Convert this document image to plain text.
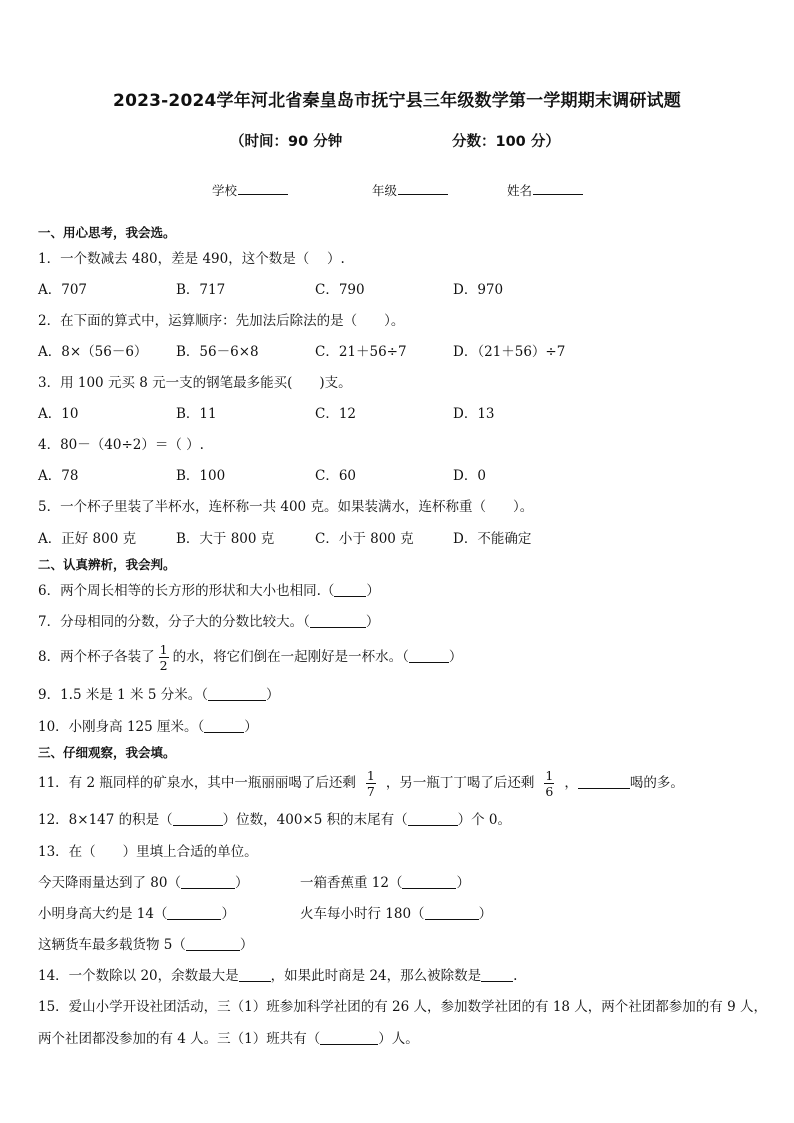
2023-2024学年河北省秦皇岛市抚宁县三年级数学第一学期期末调研试题
（时间：90 分钟	分数：100 分）
学校	年级	姓名
一、用心思考，我会选。
1．一个数减去 480，差是 490，这个数是（　 ）.
A．707	B．717	C．790	D．970
2．在下面的算式中，运算顺序：先加法后除法的是（　　）。
A．8×（56－6） B．56－6×8	C．21＋56÷7	D．（21＋56）÷7
3．用 100 元买 8 元一支的钢笔最多能买(　　)支。
A．10	B．11	C．12	D．13
4．80－（40÷2）＝（ ）.
A．78	B．100	C．60	D．0
5．一个杯子里装了半杯水，连杯称一共 400 克。如果装满水，连杯称重（　　）。
A．正好 800 克	B．大于 800 克	C．小于 800 克	D．不能确定
二、认真辨析，我会判。
6．两个周长相等的长方形的形状和大小也相同.（ ）
7．分母相同的分数，分子大的分数比较大。（	）
8．两个杯子各装了 $\frac{1}{2}$ 的水，将它们倒在一起刚好是一杯水。（	）
9．1.5 米是 1 米 5 分米。（	）
10．小刚身高 125 厘米。（	）
三、仔细观察，我会填。
11．有 2 瓶同样的矿泉水，其中一瓶丽丽喝了后还剩 $\frac{1}{7}$ ，另一瓶丁丁喝了后还剩 $\frac{1}{6}$ ，	喝的多。
12．8×147 的积是（	）位数，400×5 积的末尾有（	）个 0。
13．在（　　）里填上合适的单位。
今天降雨量达到了 80（	）	一箱香蕉重 12（	）
小明身高大约是 14（	）	火车每小时行 180（	）
这辆货车最多载货物 5（	）
14．一个数除以 20，余数最大是 ，如果此时商是 24，那么被除数是 .
15．爱山小学开设社团活动，三（1）班参加科学社团的有 26 人，参加数学社团的有 18 人，两个社团都参加的有 9 人，
两个社团都没参加的有 4 人。三（1）班共有（	）人。
